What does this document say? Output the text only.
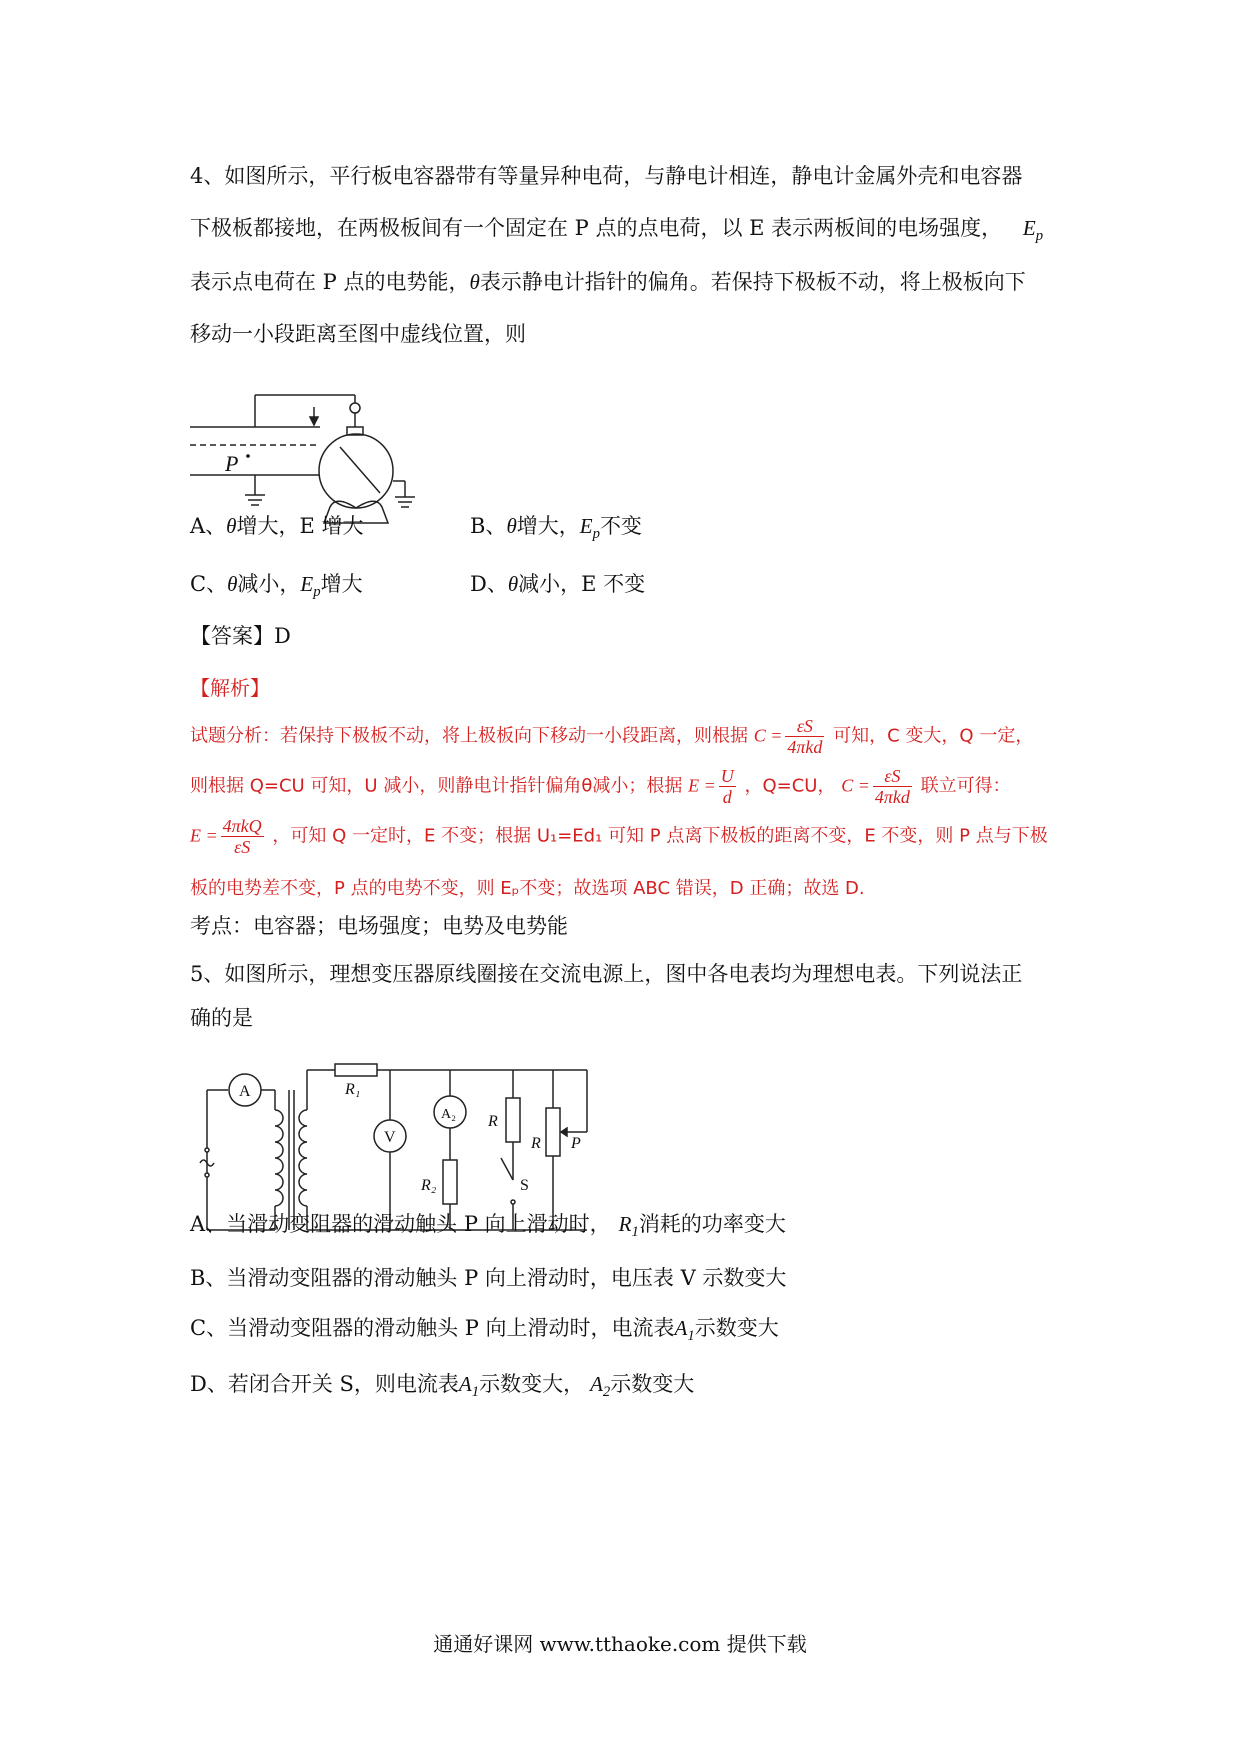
4、如图所示，平行板电容器带有等量异种电荷，与静电计相连，静电计金属外壳和电容器
下极板都接地，在两极板间有一个固定在 P 点的点电荷，以 E 表示两板间的电场强度， $E_p$
表示点电荷在 P 点的电势能，θ表示静电计指针的偏角。若保持下极板不动，将上极板向下
移动一小段距离至图中虚线位置，则
P
A、θ增大，E 增大	B、θ增大，$E_p$不变
C、θ减小，$E_p$增大	D、θ减小，E 不变
【答案】D
【解析】
试题分析：若保持下极板不动，将上极板向下移动一小段距离，则根据 $C = \frac{\varepsilon S}{\text{4πkd}}$ 可知，C 变大，Q 一定，
则根据 Q=CU 可知，U 减小，则静电计指针偏角θ减小；根据 $E = \frac{U}{d}$ ，Q=CU， $C = \frac{\varepsilon S}{\text{4πkd}}$ 联立可得：
$E = \frac{\text{4πkQ}}{\varepsilon S}$ ，可知 Q 一定时，E 不变；根据 U₁=Ed₁ 可知 P 点离下极板的距离不变，E 不变，则 P 点与下极
板的电势差不变，P 点的电势不变，则 Eₚ不变；故选项 ABC 错误，D 正确；故选 D.
考点：电容器；电场强度；电势及电势能
5、如图所示，理想变压器原线圈接在交流电源上，图中各电表均为理想电表。下列说法正
确的是
A
V
A₂
R₁
R₂
R
R
S
P
A、当滑动变阻器的滑动触头 P 向上滑动时， $R_1$消耗的功率变大
B、当滑动变阻器的滑动触头 P 向上滑动时，电压表 V 示数变大
C、当滑动变阻器的滑动触头 P 向上滑动时，电流表$A_1$示数变大
D、若闭合开关 S，则电流表$A_1$示数变大， $A_2$示数变大
通通好课网 www.tthaoke.com 提供下载
